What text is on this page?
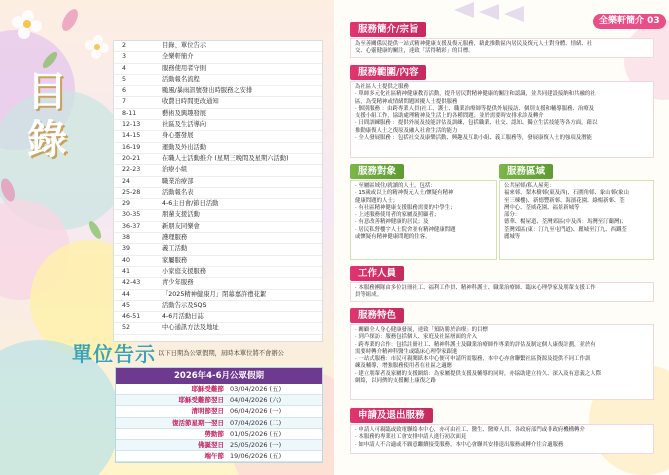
目
錄
2	目錄、單位告示
3	全樂軒簡介
4	服務使用者守則
5	活動報名流程
6	颱風/暴雨訊號發出時服務之安排
7	收費日時間更改通知
8-11	藝術及興趣發展
12-13	社區及生活導向
14-15	身心靈發展
16-19	運動及外出活動
20-21	在職人士活動推介 (星期三晚間及星期六活動)
22-23	治療小組
24	職業治療部
25-28	活動報名表
29	4-6主日會/節日活動
30-35	朋輩支援活動
36-37	新朋友同樂會
38	護理服務
39	義工活動
40	家屬服務
41	小家庭支援服務
42-43	青少年服務
44	「2025精神健康月」閉幕嘉許禮花絮
45	活動告示及SQS
46-51	4-6月活動日誌
52	中心通訊方法及地址
單位告示 以下日期為公眾假期，屆時本單位將不會辦公
2026年4-6月公眾假期
耶穌受難節 03/04/2026 (五)
耶穌受難節翌日 04/04/2026 (六)
清明節翌日 06/04/2026 (一)
復活節星期一翌日 07/04/2026 (二)
勞動節 01/05/2026 (五)
佛誕翌日 25/05/2026 (一)
端午節 19/06/2026 (五)
全樂軒簡介 03
服務簡介/宗旨

為至善關係民提供一站式精神健康支援及復元服務，藉此推動區內居民及復元人士對身體、情緒、社

交、心靈健康的關注，達致「活得精彩」的目標。

服務範圍/內容

為社區人士提供之服務

‧ 單師多元化社區精神健康教育活動，提升居民對精神健康的關注和認識，並共同建設接納和共融的社

區，為受精神或情緒問題困擾人士提供服務

‧ 個別服務 ：由跨專業人員(社工、護士、職業治療師等提供外展接訪、個別支援和輔導服務、治療及

支援小組工作，協助處理精神及生活上的各種問題；並於需要時安排求診及轉介

‧ 日間訓練服務 ：提供外展及技能評估及訓練，包括職業、社交、認知、獨立生活技能等各方面，藉以

推動康復人士之復原及融入社會生活的能力

‧ 全人發展服務 ：包括社交及康樂活動、興趣及互助小組、義工服務等，發展康復人士的強項及潛能

服務對象

‧ 至屬區域住/就讀的人士，包括：

‧ 15歲或以上的精神復元人士/懷疑有精神

健康問題的人士；

‧ 有社區精神健康支援服務需要的中學生；

‧ 上述服務使用者的家屬及照顧者；

‧ 有意改善精神健康的居民；及

‧ 居民私營樓宇人士院舍並有精神健康問題

或懷疑有精神健康問題的住客。

服務區域

公共屋邨/私人屋苑：

福來邨、梨木樹邨(東及西)、石圍角邨、象山邨(象山

至三棟樓)、新德豐新邨、海濱花園、綠楊新邨、荃

灣中心、荃威花園、福景新城等

部分：

德華、楊屋道、荃灣郊區(中及西：馬灣至汀蘭灣)、

荃灣郊區(東：汀九至屯門道)、麗城至汀九、西鐵荃

麗城等

工作人員

‧ 本服務團隊由多位註冊社工、福利工作員、精神科護士、職業治療師、臨床心理學家及朋輩支援工作

員等組成。

服務特色

‧ 關顧全人身心健康發展，達致「預防勝於治療」的目標

‧ 到戶探訪：服務包括個人、家庭及社區層面的介入

‧ 跨專業的合作：包括註冊社工、精神科護士及職業治療師作專業的評估及制定個人康復計劃，並於有

需要時轉介精神科醫生或臨床心理學家跟進

‧ 一站式服務：市民可親閱紙本中心便可申請所需服務，本中心亦會聯繫社區資源及提供不同工作訓

練及輔導，增強服務使用者在社區之適應

‧ 建立朋輩者及家屬的支援網絡：為家屬提供支援及輔導的同時，亦協助建立持久、深入及有意義之人際

網絡，以同儕的支援關上康復之路

申請及退出服務

‧ 申請人可親臨或致電聯絡本中心，亦可由社工、醫生、醫療人員、各政府部門或非政府機構轉介

‧ 本服務的專業社工會安排申請人進行初次面見

‧ 如申請人不合適或不願意繼續接受服務，本中心會聯其安排退出服務或轉介往合適服務
